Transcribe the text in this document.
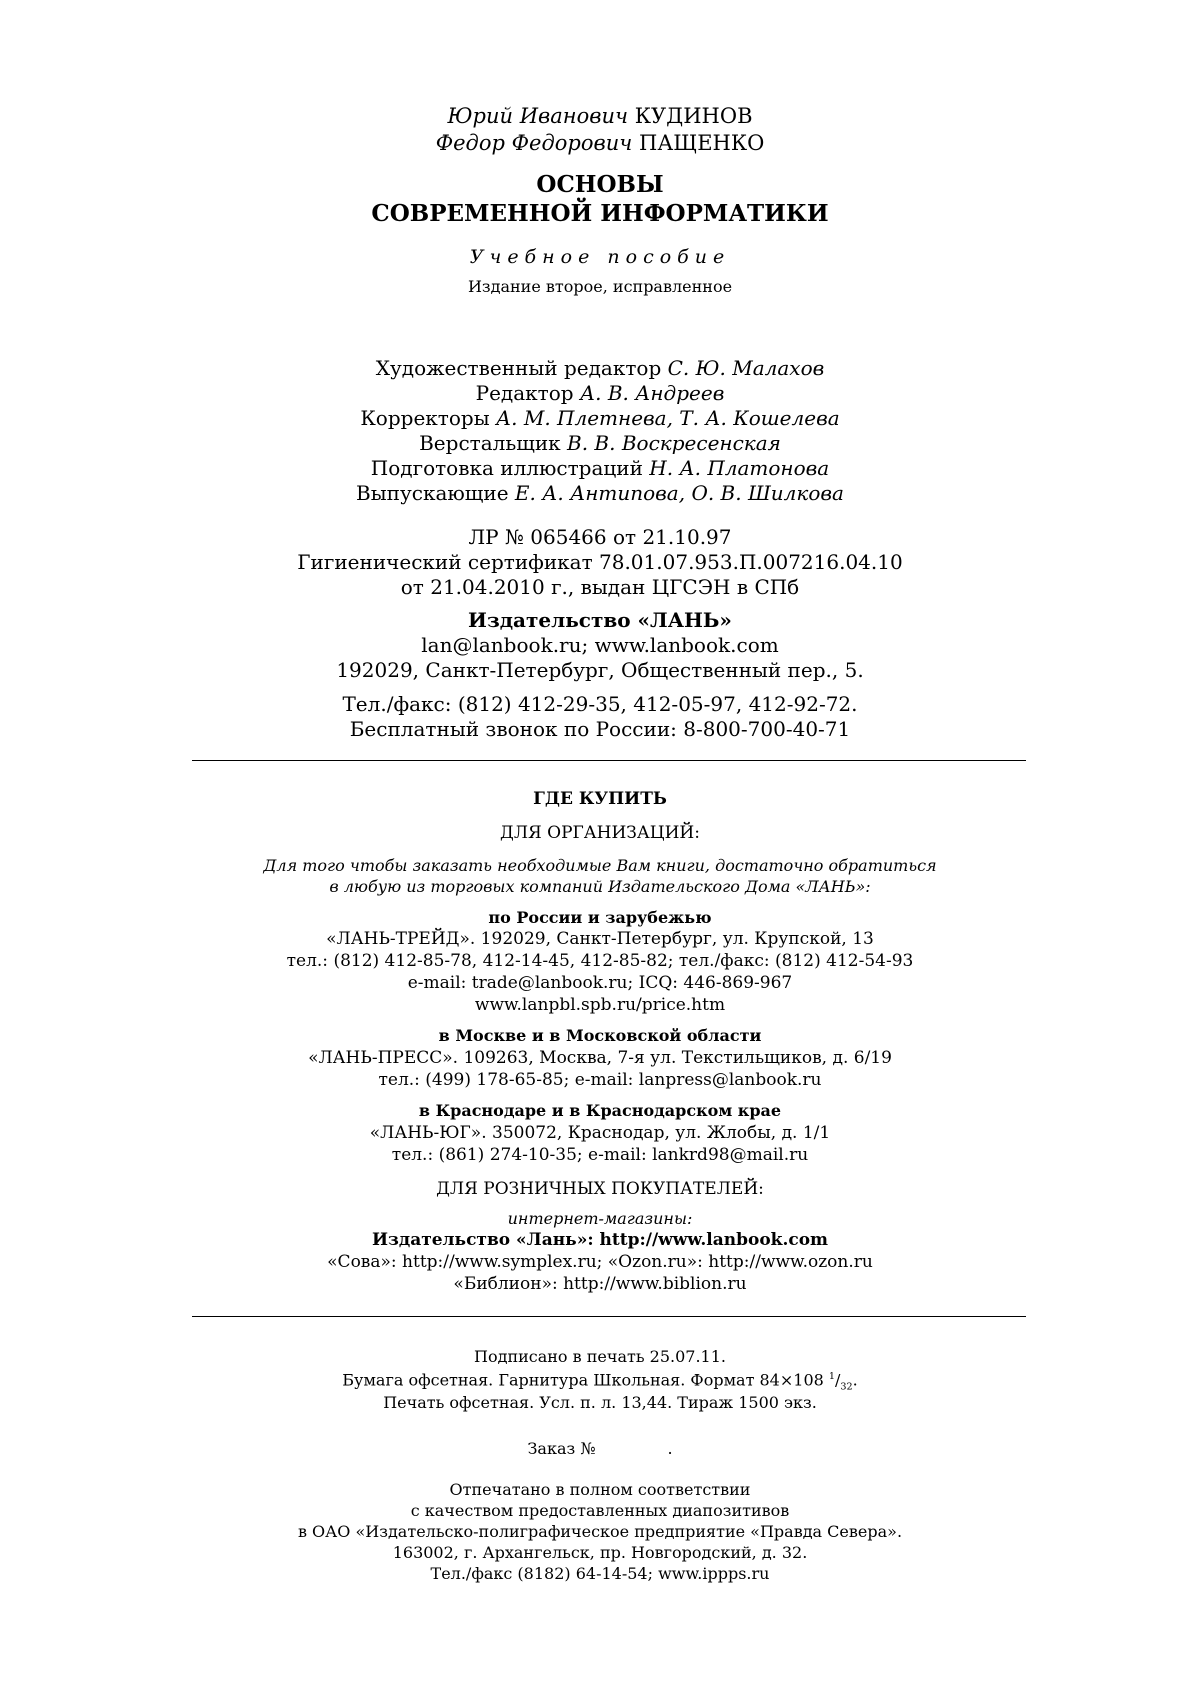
Юрий Иванович КУДИНОВ
Федор Федорович ПАЩЕНКО
ОСНОВЫ
СОВРЕМЕННОЙ ИНФОРМАТИКИ
Учебное пособие
Издание второе, исправленное
Художественный редактор С. Ю. Малахов
Редактор А. В. Андреев
Корректоры А. М. Плетнева, Т. А. Кошелева
Верстальщик В. В. Воскресенская
Подготовка иллюстраций Н. А. Платонова
Выпускающие Е. А. Антипова, О. В. Шилкова
ЛР № 065466 от 21.10.97
Гигиенический сертификат 78.01.07.953.П.007216.04.10
от 21.04.2010 г., выдан ЦГСЭН в СПб
Издательство «ЛАНЬ»
lan@lanbook.ru; www.lanbook.com
192029, Санкт-Петербург, Общественный пер., 5.
Тел./факс: (812) 412-29-35, 412-05-97, 412-92-72.
Бесплатный звонок по России: 8-800-700-40-71
ГДЕ КУПИТЬ
ДЛЯ ОРГАНИЗАЦИЙ:
Для того чтобы заказать необходимые Вам книги, достаточно обратиться
в любую из торговых компаний Издательского Дома «ЛАНЬ»:
по России и зарубежью
«ЛАНЬ-ТРЕЙД». 192029, Санкт-Петербург, ул. Крупской, 13
тел.: (812) 412-85-78, 412-14-45, 412-85-82; тел./факс: (812) 412-54-93
e-mail: trade@lanbook.ru; ICQ: 446-869-967
www.lanpbl.spb.ru/price.htm
в Москве и в Московской области
«ЛАНЬ-ПРЕСС». 109263, Москва, 7-я ул. Текстильщиков, д. 6/19
тел.: (499) 178-65-85; e-mail: lanpress@lanbook.ru
в Краснодаре и в Краснодарском крае
«ЛАНЬ-ЮГ». 350072, Краснодар, ул. Жлобы, д. 1/1
тел.: (861) 274-10-35; e-mail: lankrd98@mail.ru
ДЛЯ РОЗНИЧНЫХ ПОКУПАТЕЛЕЙ:
интернет-магазины:
Издательство «Лань»: http://www.lanbook.com
«Сова»: http://www.symplex.ru; «Ozon.ru»: http://www.ozon.ru
«Библион»: http://www.biblion.ru
Подписано в печать 25.07.11.
Бумага офсетная. Гарнитура Школьная. Формат 84×108 $^1/_{32}$.
Печать офсетная. Усл. п. л. 13,44. Тираж 1500 экз.
Заказ №	.
Отпечатано в полном соответствии
с качеством предоставленных диапозитивов
в ОАО «Издательско-полиграфическое предприятие «Правда Севера».
163002, г. Архангельск, пр. Новгородский, д. 32.
Тел./факс (8182) 64-14-54; www.ippps.ru
